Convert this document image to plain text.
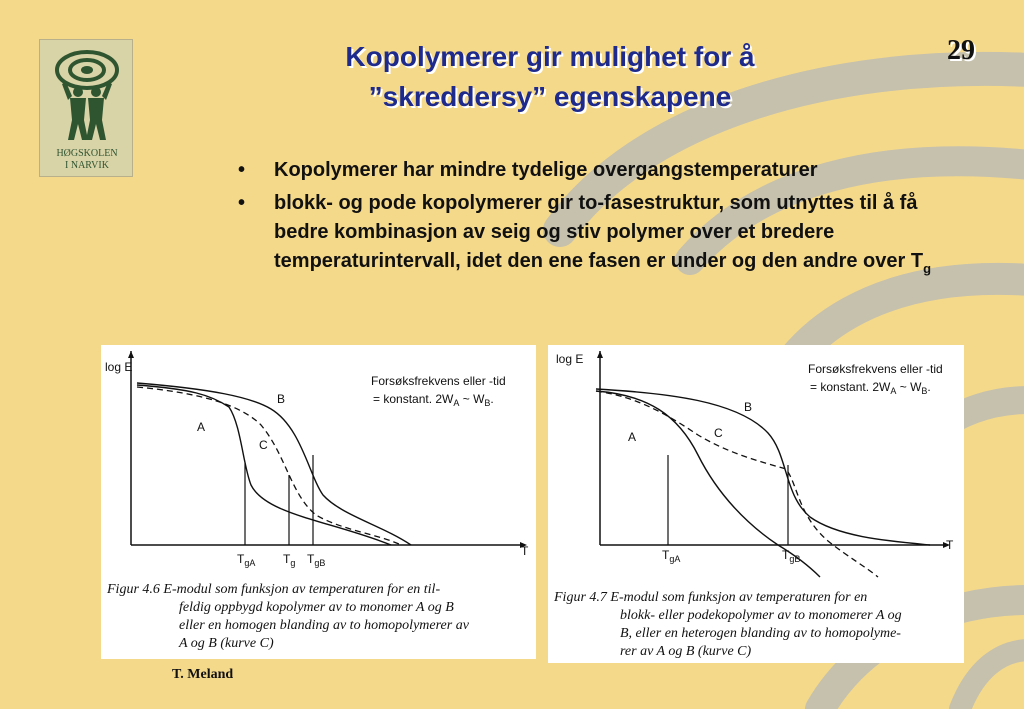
HØGSKOLEN
I NARVIK
Kopolymerer gir mulighet for å
”skreddersy” egenskapene
29
• Kopolymerer har mindre tydelige overgangstemperaturer
• blokk- og pode kopolymerer gir to-fasestruktur, som utnyttes til å få bedre kombinasjon av seig og stiv polymer over et bredere temperaturintervall, idet den ene fasen er under og den andre over $T_g$
log E
T
Forsøksfrekvens eller -tid
= konstant. $2W_A$ ~ $W_B$.
B
A
C
$T_{gA}$ $T_g$ $T_{gB}$
Figur 4.6 E-modul som funksjon av temperaturen for en til-
feldig oppbygd kopolymer av to monomer A og B
eller en homogen blanding av to homopolymerer av
A og B (kurve C)
log E
T
Forsøksfrekvens eller -tid
= konstant. $2W_A$ ~ $W_B$.
B
A	C
$T_{gA}$	$T_{gB}$
Figur 4.7 E-modul som funksjon av temperaturen for en
blokk- eller podekopolymer av to monomerer A og
B, eller en heterogen blanding av to homopolyme-
rer av A og B (kurve C)
T. Meland
